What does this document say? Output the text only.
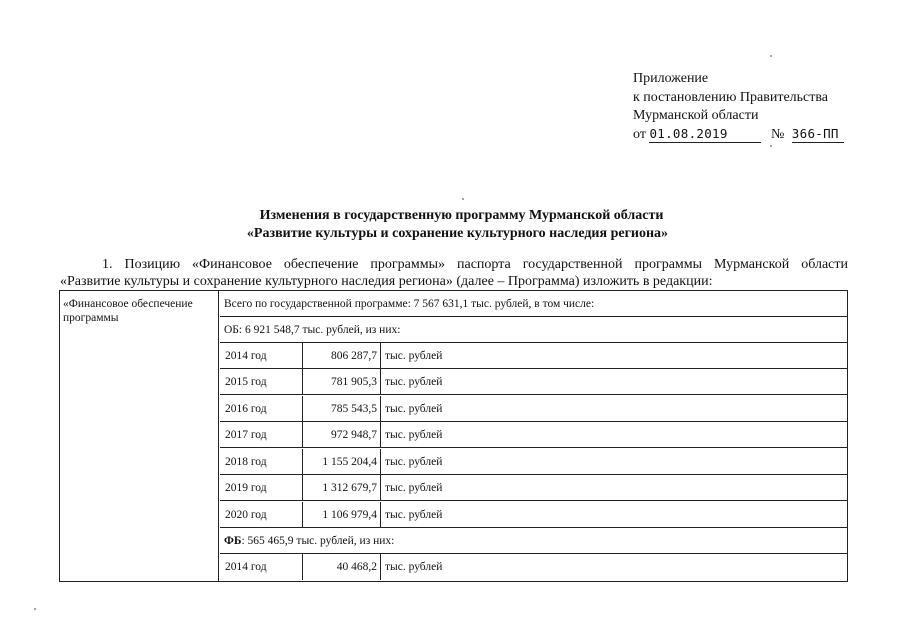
Приложение
к постановлению Правительства
Мурманской области
от 01.08.2019	№ 366-ПП
Изменения в государственную программу Мурманской области
«Развитие культуры и сохранение культурного наследия региона»
1. Позицию «Финансовое обеспечение программы» паспорта государственной программы Мурманской области
«Развитие культуры и сохранение культурного наследия региона» (далее – Программа) изложить в редакции:
«Финансовое обеспечение программы
Всего по государственной программе: 7 567 631,1 тыс. рублей, в том числе:
ОБ: 6 921 548,7 тыс. рублей, из них:
2014 год	806 287,7 тыс. рублей
2015 год	781 905,3 тыс. рублей
2016 год	785 543,5 тыс. рублей
2017 год	972 948,7 тыс. рублей
2018 год	1 155 204,4 тыс. рублей
2019 год	1 312 679,7 тыс. рублей
2020 год	1 106 979,4 тыс. рублей
ФБ: 565 465,9 тыс. рублей, из них:
2014 год	40 468,2 тыс. рублей
